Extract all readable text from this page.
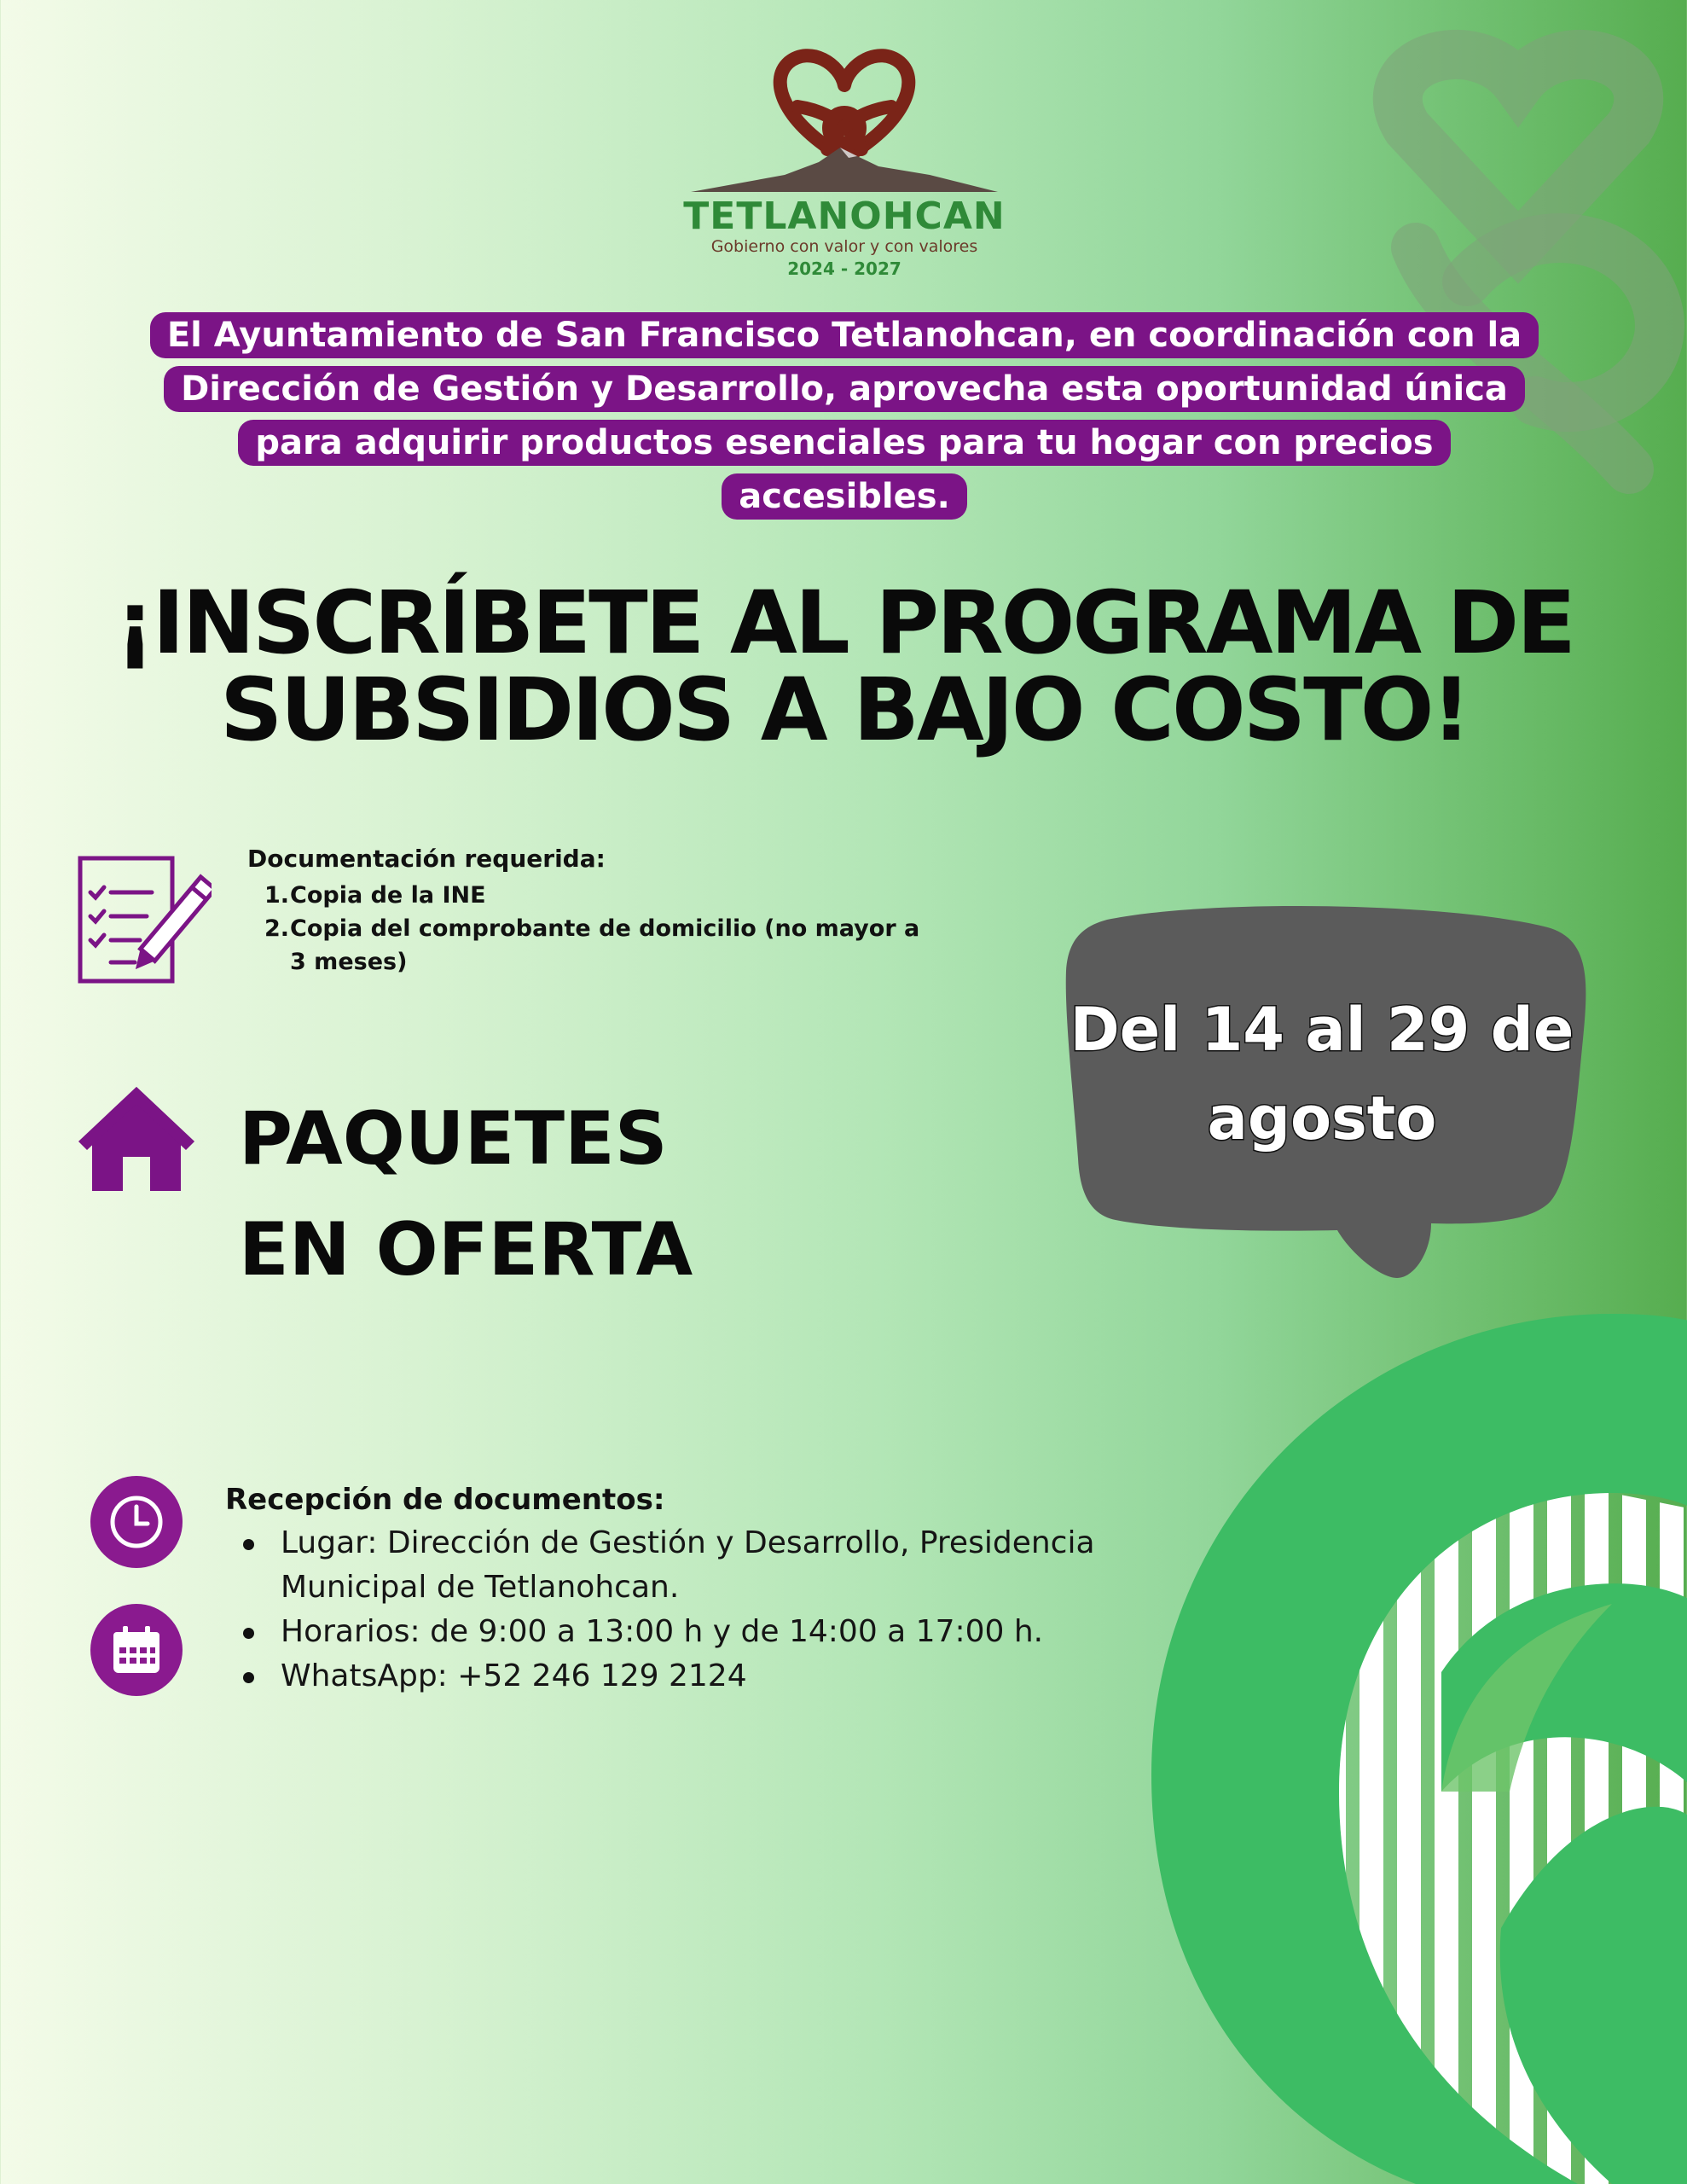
TETLANOHCAN
Gobierno con valor y con valores
2024 - 2027
El Ayuntamiento de San Francisco Tetlanohcan, en coordinación con la
Dirección de Gestión y Desarrollo, aprovecha esta oportunidad única
para adquirir productos esenciales para tu hogar con precios
accesibles.
¡INSCRÍBETE AL PROGRAMA DE
SUBSIDIOS A BAJO COSTO!
Documentación requerida:
1. Copia de la INE
2. Copia del comprobante de domicilio (no mayor a 3 meses)
PAQUETES
EN OFERTA
Del 14 al 29 de
agosto
Recepción de documentos:
Lugar: Dirección de Gestión y Desarrollo, Presidencia Municipal de Tetlanohcan.
Horarios: de 9:00 a 13:00 h y de 14:00 a 17:00 h.
WhatsApp: +52 246 129 2124
